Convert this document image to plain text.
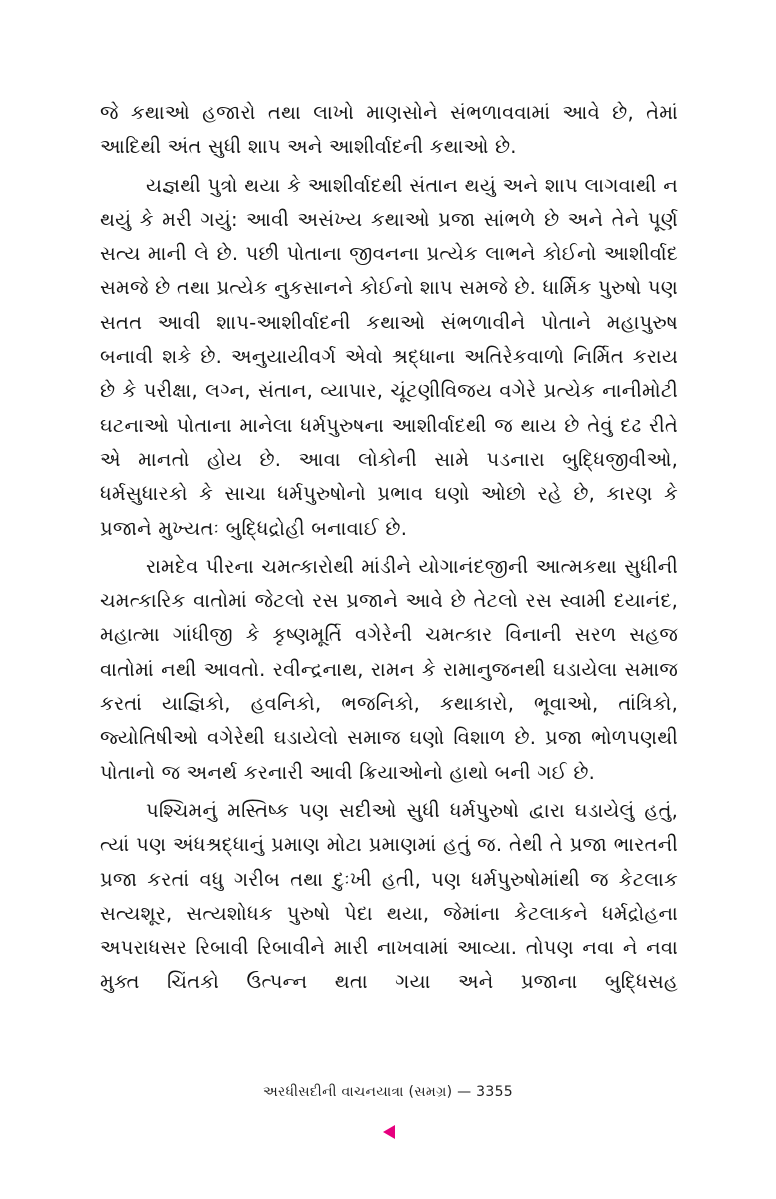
જે કથાઓ હજારો તથા લાખો માણસોને સંભળાવવામાં આવે છે, તેમાં આદિથી અંત સુધી શાપ અને આશીર્વાદની કથાઓ છે.

યજ્ઞથી પુત્રો થયા કે આશીર્વાદથી સંતાન થયું અને શાપ લાગવાથી ન થયું કે મરી ગયું: આવી અસંખ્ય કથાઓ પ્રજા સાંભળે છે અને તેને પૂર્ણ સત્ય માની લે છે. પછી પોતાના જીવનના પ્રત્યેક લાભને કોઈનો આશીર્વાદ સમજે છે તથા પ્રત્યેક નુકસાનને કોઈનો શાપ સમજે છે. ધાર્મિક પુરુષો પણ સતત આવી શાપ-આશીર્વાદની કથાઓ સંભળાવીને પોતાને મહાપુરુષ બનાવી શકે છે. અનુયાયીવર્ગ એવો શ્રદ્ધાના અતિરેકવાળો નિર્મિત કરાય છે કે પરીક્ષા, લગ્ન, સંતાન, વ્યાપાર, ચૂંટણીવિજય વગેરે પ્રત્યેક નાનીમોટી ઘટનાઓ પોતાના માનેલા ધર્મપુરુષના આશીર્વાદથી જ થાય છે તેવું દઢ રીતે એ માનતો હોય છે. આવા લોકોની સામે પડનારા બુદ્ધિજીવીઓ, ધર્મસુધારકો કે સાચા ધર્મપુરુષોનો પ્રભાવ ઘણો ઓછો રહે છે, કારણ કે પ્રજાને મુખ્યતઃ બુદ્ધિદ્રોહી બનાવાઈ છે.

રામદેવ પીરના ચમત્કારોથી માંડીને યોગાનંદજીની આત્મકથા સુધીની ચમત્કારિક વાતોમાં જેટલો રસ પ્રજાને આવે છે તેટલો રસ સ્વામી દયાનંદ, મહાત્મા ગાંધીજી કે કૃષ્ણમૂર્તિ વગેરેની ચમત્કાર વિનાની સરળ સહજ વાતોમાં નથી આવતો. રવીન્દ્રનાથ, રામન કે રામાનુજનથી ઘડાયેલા સમાજ કરતાં યાજ્ઞિકો, હવનિકો, ભજનિકો, કથાકારો, ભૂવાઓ, તાંત્રિકો, જ્યોતિષીઓ વગેરેથી ઘડાયેલો સમાજ ઘણો વિશાળ છે. પ્રજા ભોળપણથી પોતાનો જ અનર્થ કરનારી આવી ક્રિયાઓનો હાથો બની ગઈ છે.

પશ્ચિમનું મસ્તિષ્ક પણ સદીઓ સુધી ધર્મપુરુષો દ્વારા ઘડાયેલું હતું, ત્યાં પણ અંધશ્રદ્ધાનું પ્રમાણ મોટા પ્રમાણમાં હતું જ. તેથી તે પ્રજા ભારતની પ્રજા કરતાં વધુ ગરીબ તથા દુઃખી હતી, પણ ધર્મપુરુષોમાંથી જ કેટલાક સત્યશૂર, સત્યશોધક પુરુષો પેદા થયા, જેમાંના કેટલાકને ધર્મદ્રોહના અપરાધસર રિબાવી રિબાવીને મારી નાખવામાં આવ્યા. તોપણ નવા ને નવા મુક્ત ચિંતકો ઉત્પન્ન થતા ગયા અને પ્રજાના બુદ્ધિસહ

અરધીસદીની વાચનયાત્રા (સમગ્ર) — 3355
